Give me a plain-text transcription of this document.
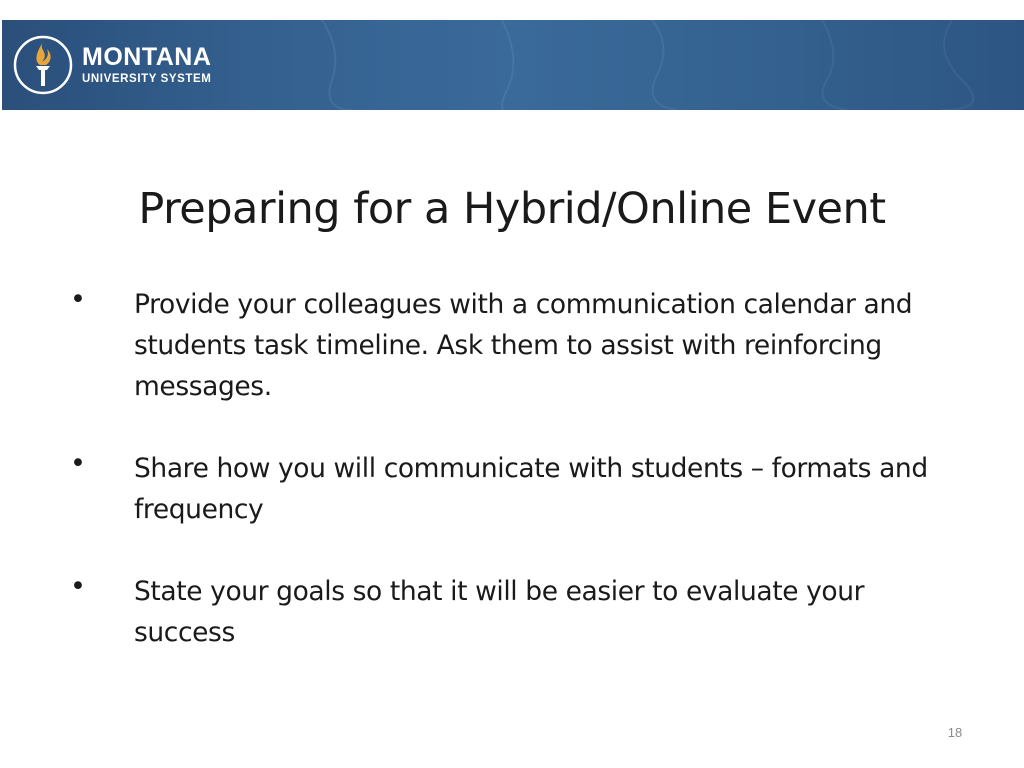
MONTANA
UNIVERSITY SYSTEM
Preparing for a Hybrid/Online Event
• Provide your colleagues with a communication calendar and students task timeline. Ask them to assist with reinforcing messages.
• Share how you will communicate with students – formats and frequency
• State your goals so that it will be easier to evaluate your success
18
